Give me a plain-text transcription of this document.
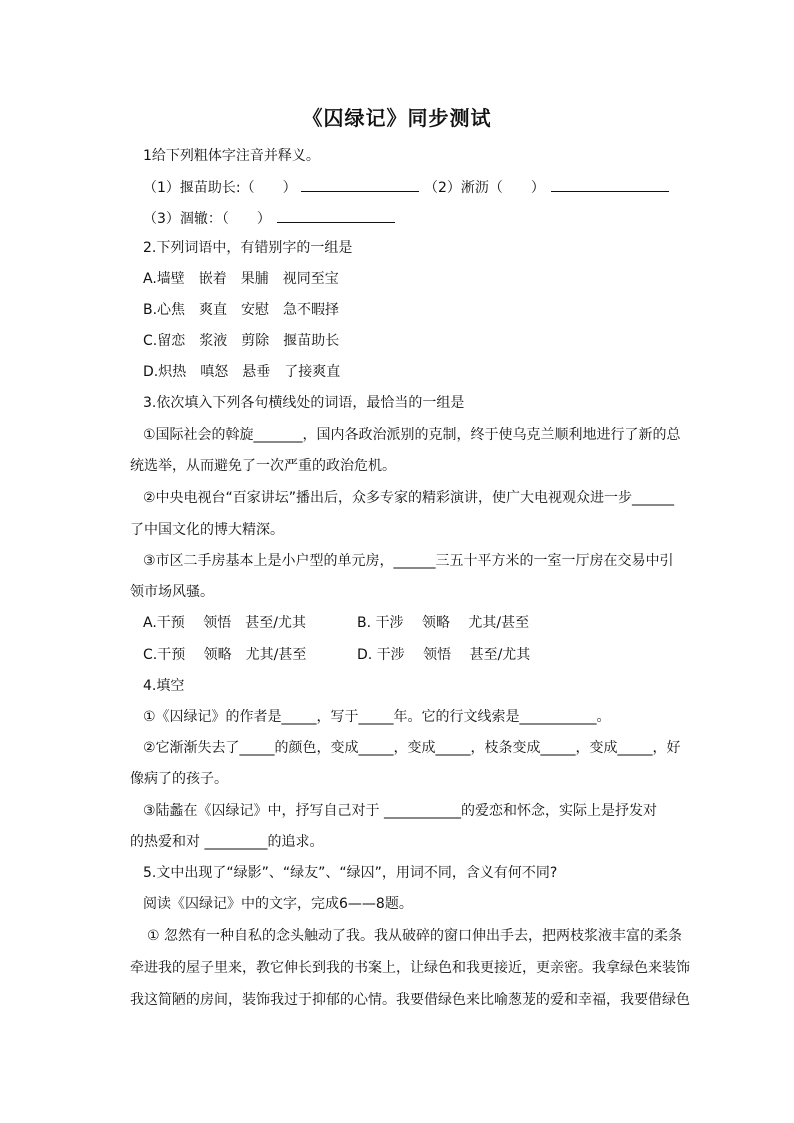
《囚绿记》同步测试
1给下列粗体字注音并释义。
（1）揠苗助长:（　　）	（2）淅沥（　　）
（3）涸辙：（　　）
2.下列词语中，有错别字的一组是
A.墙壁　嵌着　果脯　视同至宝
B.心焦　爽直　安慰　急不暇择
C.留恋　浆液　剪除　揠苗助长
D.炽热　嗔怒　悬垂　了接爽直
3.依次填入下列各句横线处的词语，最恰当的一组是
①国际社会的斡旋_______，国内各政治派别的克制，终于使乌克兰顺利地进行了新的总
统选举，从而避免了一次严重的政治危机。
②中央电视台“百家讲坛”播出后，众多专家的精彩演讲，使广大电视观众进一步______
了中国文化的博大精深。
③市区二手房基本上是小户型的单元房，______三五十平方米的一室一厅房在交易中引
领市场风骚。
A.干预　 领悟　甚至/尤其	B. 干涉　 领略　 尤其/甚至
C.干预　 领略　尤其/甚至	D. 干涉　 领悟　 甚至/尤其
4.填空
①《囚绿记》的作者是_____，写于_____年。它的行文线索是___________。
②它渐渐失去了_____的颜色，变成_____，变成_____，枝条变成_____，变成_____，好
像病了的孩子。
③陆蠡在《囚绿记》中，抒写自己对于 ___________的爱恋和怀念，实际上是抒发对
的热爱和对 _________的追求。
5.文中出现了“绿影”、“绿友”、“绿囚”，用词不同，含义有何不同?
阅读《囚绿记》中的文字，完成6——8题。
① 忽然有一种自私的念头触动了我。我从破碎的窗口伸出手去，把两枝浆液丰富的柔条
牵进我的屋子里来，教它伸长到我的书案上，让绿色和我更接近，更亲密。我拿绿色来装饰
我这简陋的房间，装饰我过于抑郁的心情。我要借绿色来比喻葱茏的爱和幸福，我要借绿色
